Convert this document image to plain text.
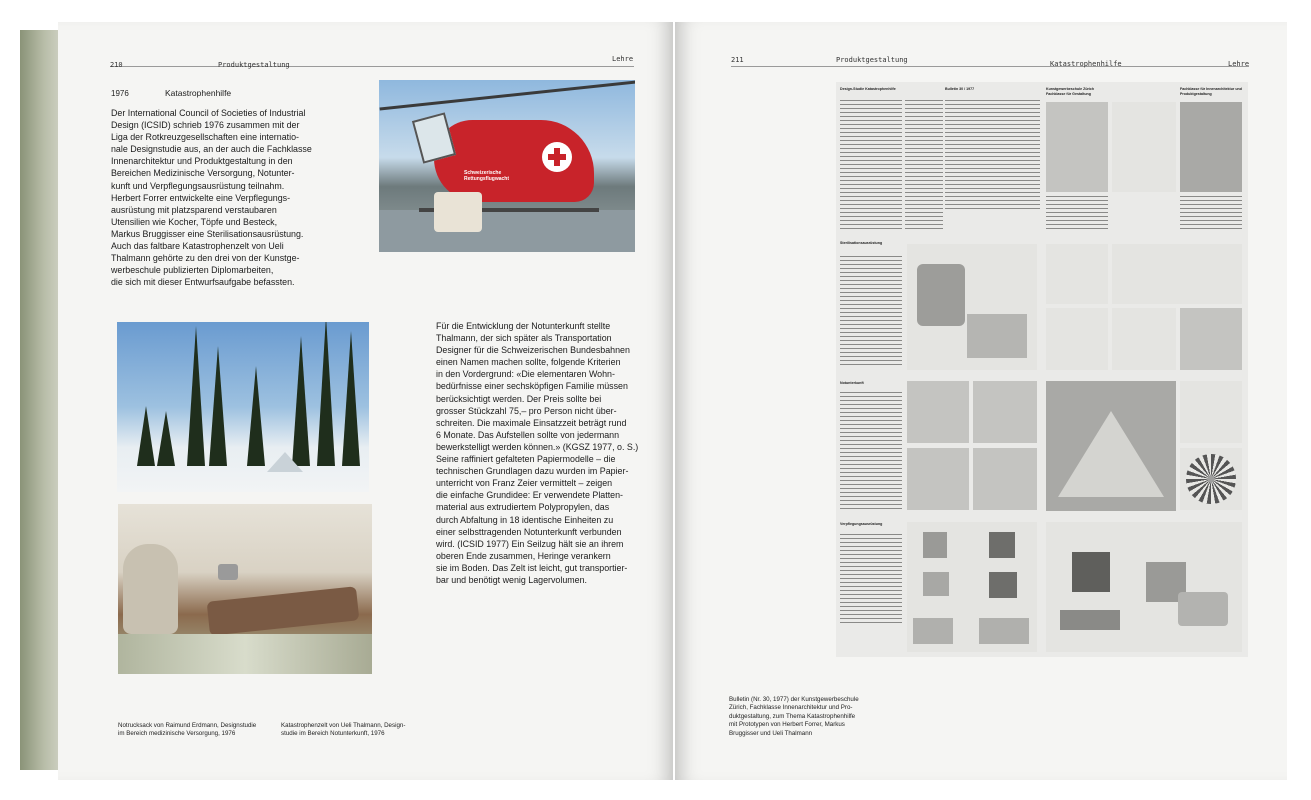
210	Produktgestaltung
Lehre
1976	Katastrophenhilfe
Der International Council of Societies of Industrial
Design (ICSID) schrieb 1976 zusammen mit der
Liga der Rotkreuzgesellschaften eine internatio-
nale Designstudie aus, an der auch die Fachklasse
Innenarchitektur und Produktgestaltung in den
Bereichen Medizinische Versorgung, Notunter-
kunft und Verpflegungsausrüstung teilnahm.
Herbert Forrer entwickelte eine Verpflegungs-
ausrüstung mit platzsparend verstaubaren
Utensilien wie Kocher, Töpfe und Besteck,
Markus Bruggisser eine Sterilisationsausrüstung.
Auch das faltbare Katastrophenzelt von Ueli
Thalmann gehörte zu den drei von der Kunstge-
werbeschule publizierten Diplomarbeiten,
die sich mit dieser Entwurfsaufgabe befassten.
Schweizerische
Rettungsflugwacht
Für die Entwicklung der Notunterkunft stellte
Thalmann, der sich später als Transportation
Designer für die Schweizerischen Bundesbahnen
einen Namen machen sollte, folgende Kriterien
in den Vordergrund: «Die elementaren Wohn-
bedürfnisse einer sechsköpfigen Familie müssen
berücksichtigt werden. Der Preis sollte bei
grosser Stückzahl 75,– pro Person nicht über-
schreiten. Die maximale Einsatzzeit beträgt rund
6 Monate. Das Aufstellen sollte von jedermann
bewerkstelligt werden können.» (KGSZ 1977, o. S.)
Seine raffiniert gefalteten Papiermodelle – die
technischen Grundlagen dazu wurden im Papier-
unterricht von Franz Zeier vermittelt – zeigen
die einfache Grundidee: Er verwendete Platten-
material aus extrudiertem Polypropylen, das
durch Abfaltung in 18 identische Einheiten zu
einer selbsttragenden Notunterkunft verbunden
wird. (ICSID 1977) Ein Seilzug hält sie an ihrem
oberen Ende zusammen, Heringe verankern
sie im Boden. Das Zelt ist leicht, gut transportier-
bar und benötigt wenig Lagervolumen.
Notrucksack von Raimund Erdmann, Designstudie
im Bereich medizinische Versorgung, 1976
Katastrophenzelt von Ueli Thalmann, Design-
studie im Bereich Notunterkunft, 1976
211	Produktgestaltung	Katastrophenhilfe	Lehre
Design-Studie Katastrophenhilfe	Bulletin 30 / 1977	Kunstgewerbeschule Zürich Fachklasse für Gestaltung
Fachklasse für Innenarchitektur und Produktgestaltung
Sterilisationsausrüstung
Notunterkunft
Verpflegungsausrüstung
Bulletin (Nr. 30, 1977) der Kunstgewerbeschule
Zürich, Fachklasse Innenarchitektur und Pro-
duktgestaltung, zum Thema Katastrophenhilfe
mit Prototypen von Herbert Forrer, Markus
Bruggisser und Ueli Thalmann
